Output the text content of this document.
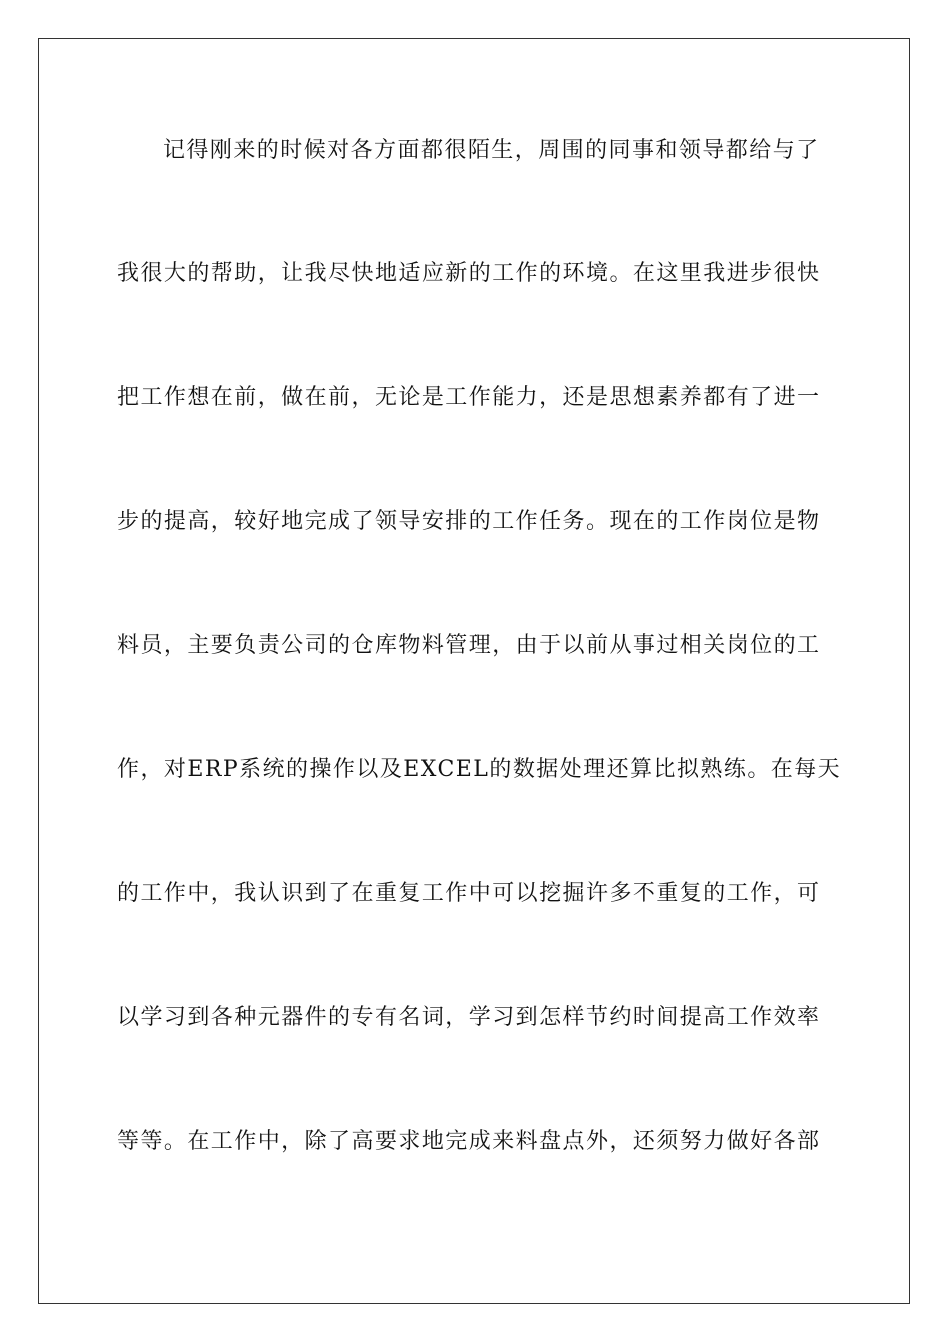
记得刚来的时候对各方面都很陌生，周围的同事和领导都给与了
我很大的帮助，让我尽快地适应新的工作的环境。在这里我进步很快
把工作想在前，做在前，无论是工作能力，还是思想素养都有了进一
步的提高，较好地完成了领导安排的工作任务。现在的工作岗位是物
料员，主要负责公司的仓库物料管理，由于以前从事过相关岗位的工
作，对ERP系统的操作以及EXCEL的数据处理还算比拟熟练。在每天
的工作中，我认识到了在重复工作中可以挖掘许多不重复的工作，可
以学习到各种元器件的专有名词，学习到怎样节约时间提高工作效率
等等。在工作中，除了高要求地完成来料盘点外，还须努力做好各部
